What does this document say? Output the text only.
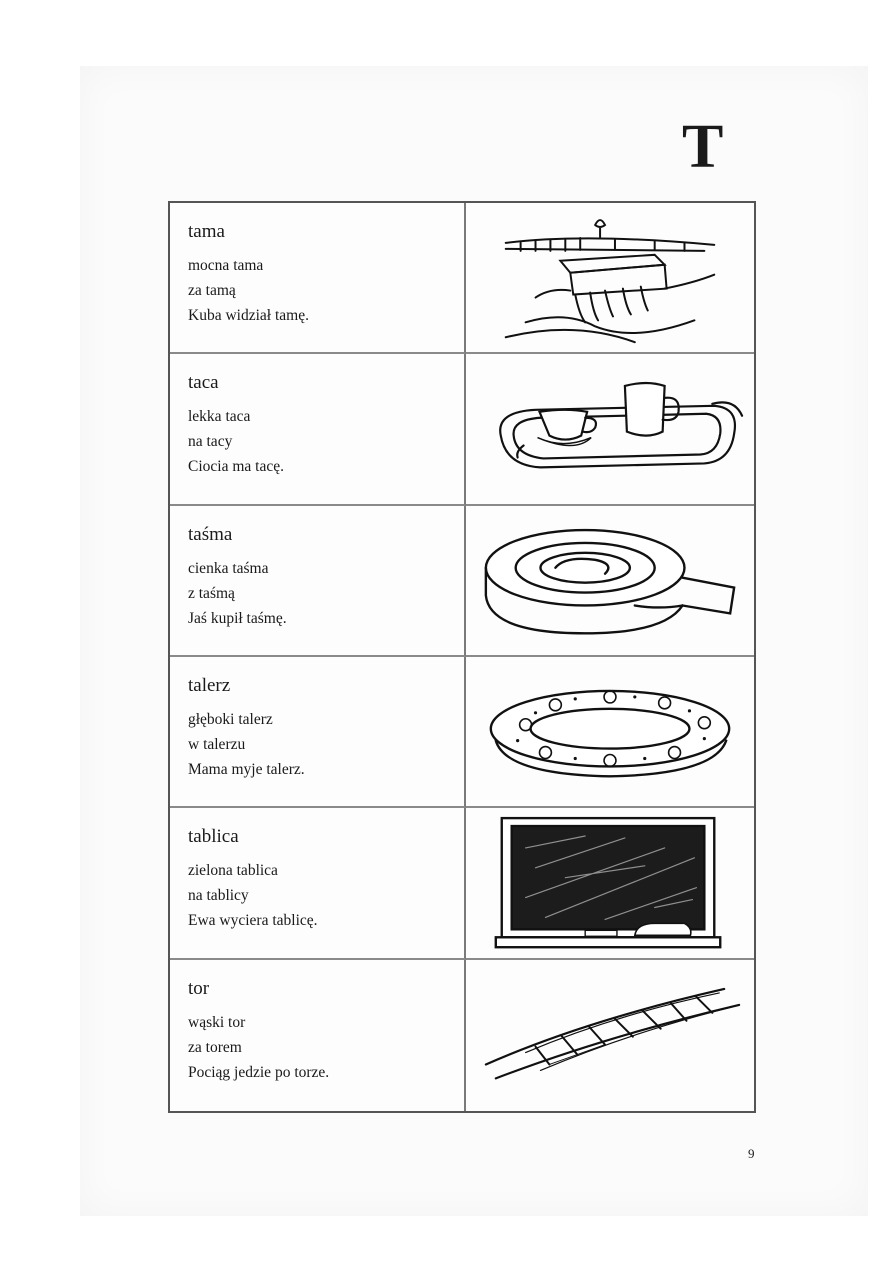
T
tama
mocna tama
za tamą
Kuba widział tamę.
taca
lekka taca
na tacy
Ciocia ma tacę.
taśma
cienka taśma
z taśmą
Jaś kupił taśmę.
talerz
głęboki talerz
w talerzu
Mama myje talerz.
tablica
zielona tablica
na tablicy
Ewa wyciera tablicę.
tor
wąski tor
za torem
Pociąg jedzie po torze.
9
